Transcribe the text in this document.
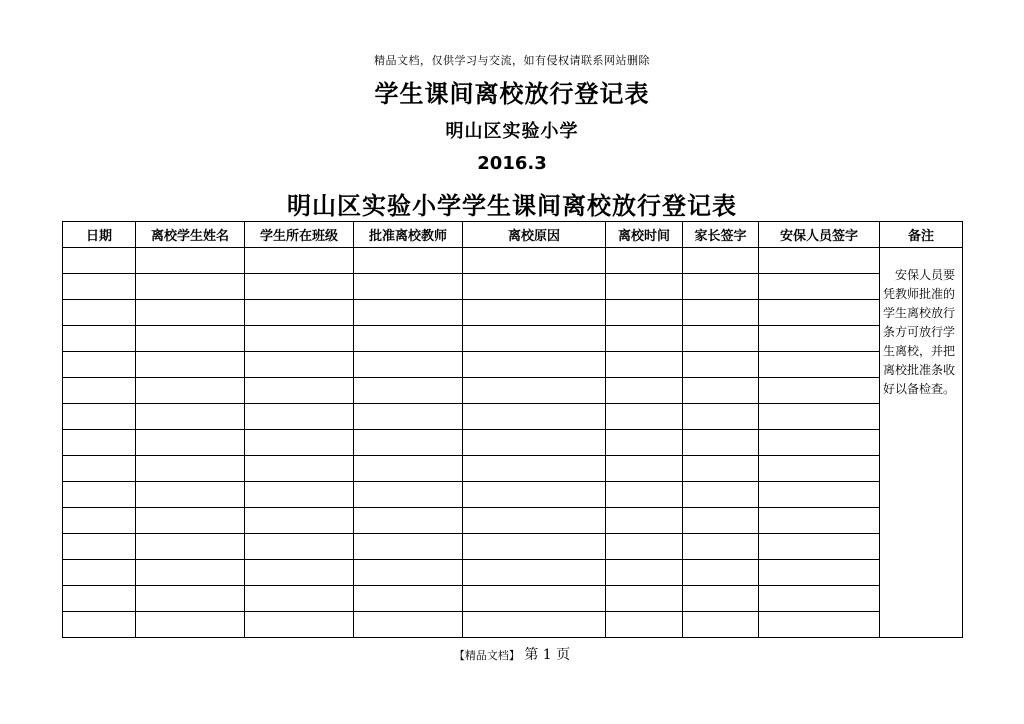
精品文档，仅供学习与交流，如有侵权请联系网站删除
学生课间离校放行登记表
明山区实验小学
2016.3
明山区实验小学学生课间离校放行登记表
日期	离校学生姓名	学生所在班级	批准离校教师	离校原因	离校时间	家长签字	安保人员签字	备注

								　安保人员要凭教师批准的学生离校放行条方可放行学生离校，并把离校批准条收好以备检查。

【精品文档】 第 1 页
